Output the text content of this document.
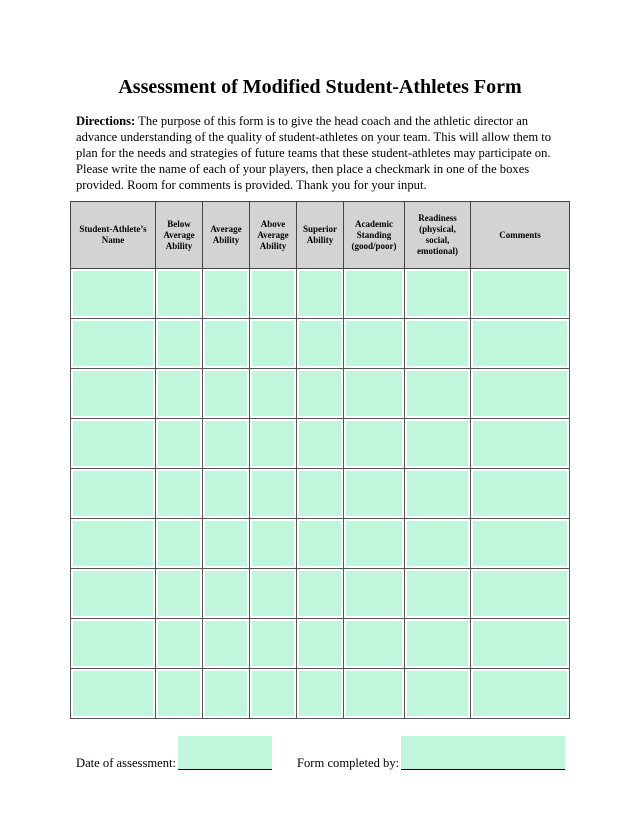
Assessment of Modified Student-Athletes Form

Directions: The purpose of this form is to give the head coach and the athletic director an advance understanding of the quality of student-athletes on your team. This will allow them to plan for the needs and strategies of future teams that these student-athletes may participate on. Please write the name of each of your players, then place a checkmark in one of the boxes provided. Room for comments is provided. Thank you for your input.

Student-Athlete’s Name	Below Average Ability	Average Ability	Above Average Ability	Superior Ability	Academic Standing (good/poor)	Readiness (physical, social, emotional)	Comments

Date of assessment:	Form completed by:
